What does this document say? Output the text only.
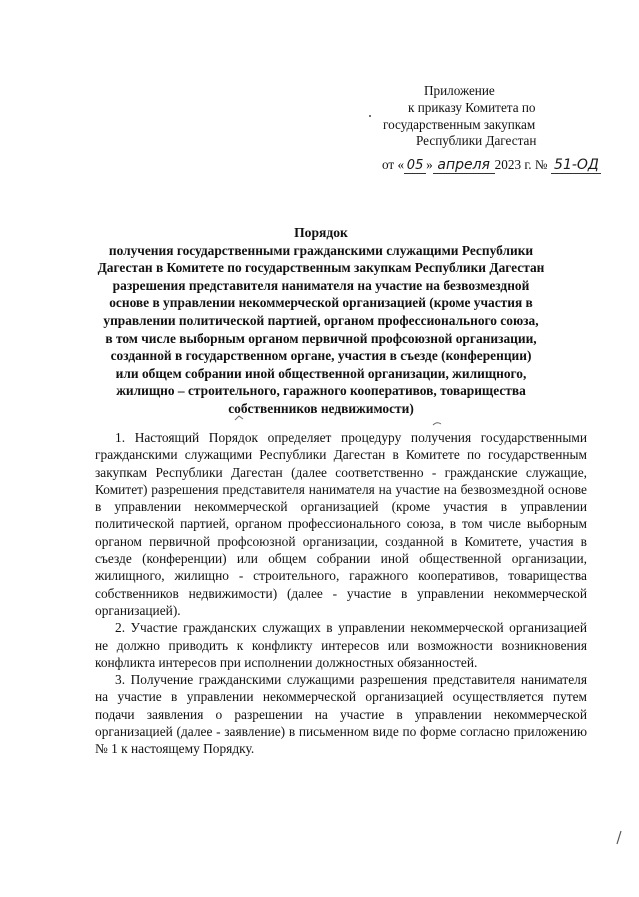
Приложение
к приказу Комитета по
государственным закупкам
Республики Дагестан
от « 05 » апреля 2023 г. № 51-ОД
Порядок
получения государственными гражданскими служащими Республики
Дагестан в Комитете по государственным закупкам Республики Дагестан
разрешения представителя нанимателя на участие на безвозмездной
основе в управлении некоммерческой организацией (кроме участия в
управлении политической партией, органом профессионального союза,
в том числе выборным органом первичной профсоюзной организации,
созданной в государственном органе, участия в съезде (конференции)
или общем собрании иной общественной организации, жилищного,
жилищно – строительного, гаражного кооперативов, товарищества
собственников недвижимости)

1. Настоящий Порядок определяет процедуру получения государственными гражданскими служащими Республики Дагестан в Комитете по государственным закупкам Республики Дагестан (далее соответственно - гражданские служащие, Комитет) разрешения представителя нанимателя на участие на безвозмездной основе в управлении некоммерческой организацией (кроме участия в управлении политической партией, органом профессионального союза, в том числе выборным органом первичной профсоюзной организации, созданной в Комитете, участия в съезде (конференции) или общем собрании иной общественной организации, жилищного, жилищно - строительного, гаражного кооперативов, товарищества собственников недвижимости) (далее - участие в управлении некоммерческой организацией).

2. Участие гражданских служащих в управлении некоммерческой организацией не должно приводить к конфликту интересов или возможности возникновения конфликта интересов при исполнении должностных обязанностей.

3. Получение гражданскими служащими разрешения представителя нанимателя на участие в управлении некоммерческой организацией осуществляется путем подачи заявления о разрешении на участие в управлении некоммерческой организацией (далее - заявление) в письменном виде по форме согласно приложению № 1 к настоящему Порядку.
